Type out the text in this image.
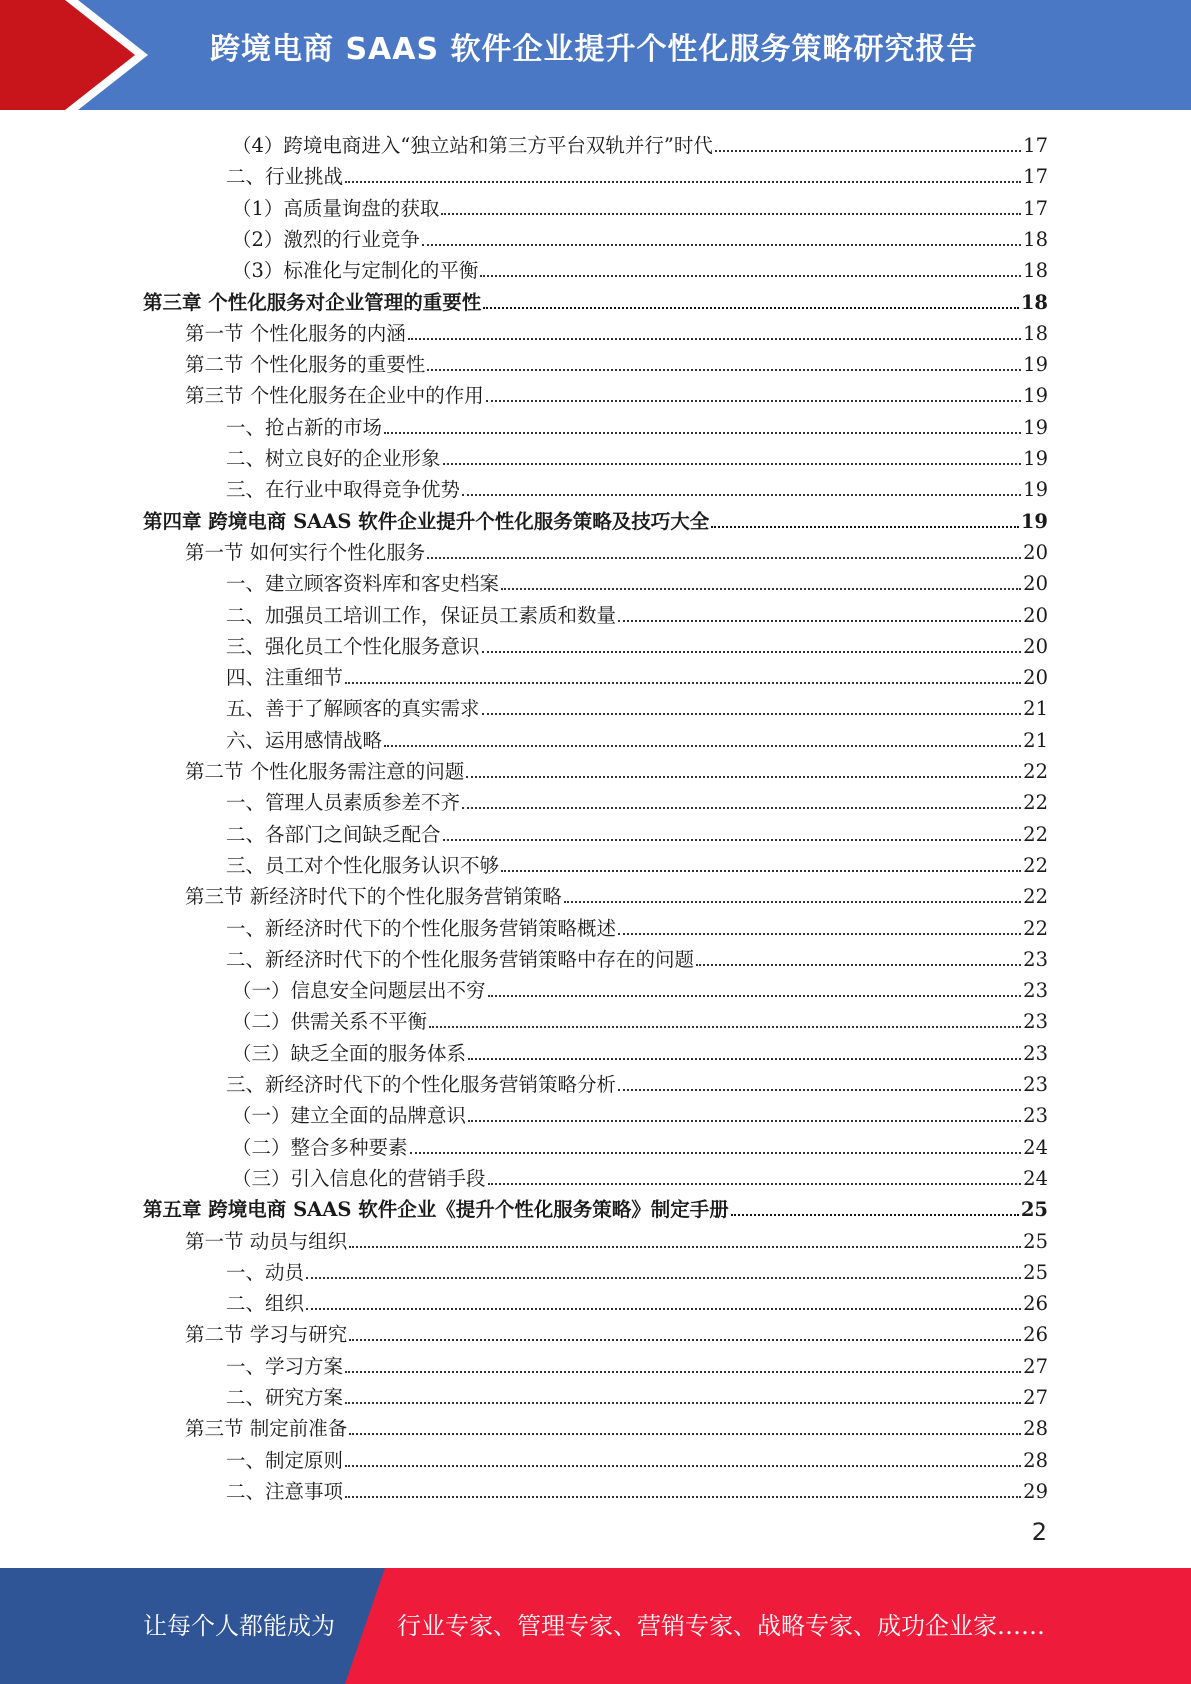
跨境电商 SAAS 软件企业提升个性化服务策略研究报告
（4）跨境电商进入“独立站和第三方平台双轨并行”时代	17
二、行业挑战	17
（1）高质量询盘的获取	17
（2）激烈的行业竞争	18
（3）标准化与定制化的平衡	18
第三章 个性化服务对企业管理的重要性	18
第一节 个性化服务的内涵	18
第二节 个性化服务的重要性	19
第三节 个性化服务在企业中的作用	19
一、抢占新的市场	19
二、树立良好的企业形象	19
三、在行业中取得竞争优势	19
第四章 跨境电商 SAAS 软件企业提升个性化服务策略及技巧大全	19
第一节 如何实行个性化服务	20
一、建立顾客资料库和客史档案	20
二、加强员工培训工作，保证员工素质和数量	20
三、强化员工个性化服务意识	20
四、注重细节	20
五、善于了解顾客的真实需求	21
六、运用感情战略	21
第二节 个性化服务需注意的问题	22
一、管理人员素质参差不齐	22
二、各部门之间缺乏配合	22
三、员工对个性化服务认识不够	22
第三节 新经济时代下的个性化服务营销策略	22
一、新经济时代下的个性化服务营销策略概述	22
二、新经济时代下的个性化服务营销策略中存在的问题	23
（一）信息安全问题层出不穷	23
（二）供需关系不平衡	23
（三）缺乏全面的服务体系	23
三、新经济时代下的个性化服务营销策略分析	23
（一）建立全面的品牌意识	23
（二）整合多种要素	24
（三）引入信息化的营销手段	24
第五章 跨境电商 SAAS 软件企业《提升个性化服务策略》制定手册	25
第一节 动员与组织	25
一、动员	25
二、组织	26
第二节 学习与研究	26
一、学习方案	27
二、研究方案	27
第三节 制定前准备	28
一、制定原则	28
二、注意事项	29
2
让每个人都能成为	行业专家、管理专家、营销专家、战略专家、成功企业家……
